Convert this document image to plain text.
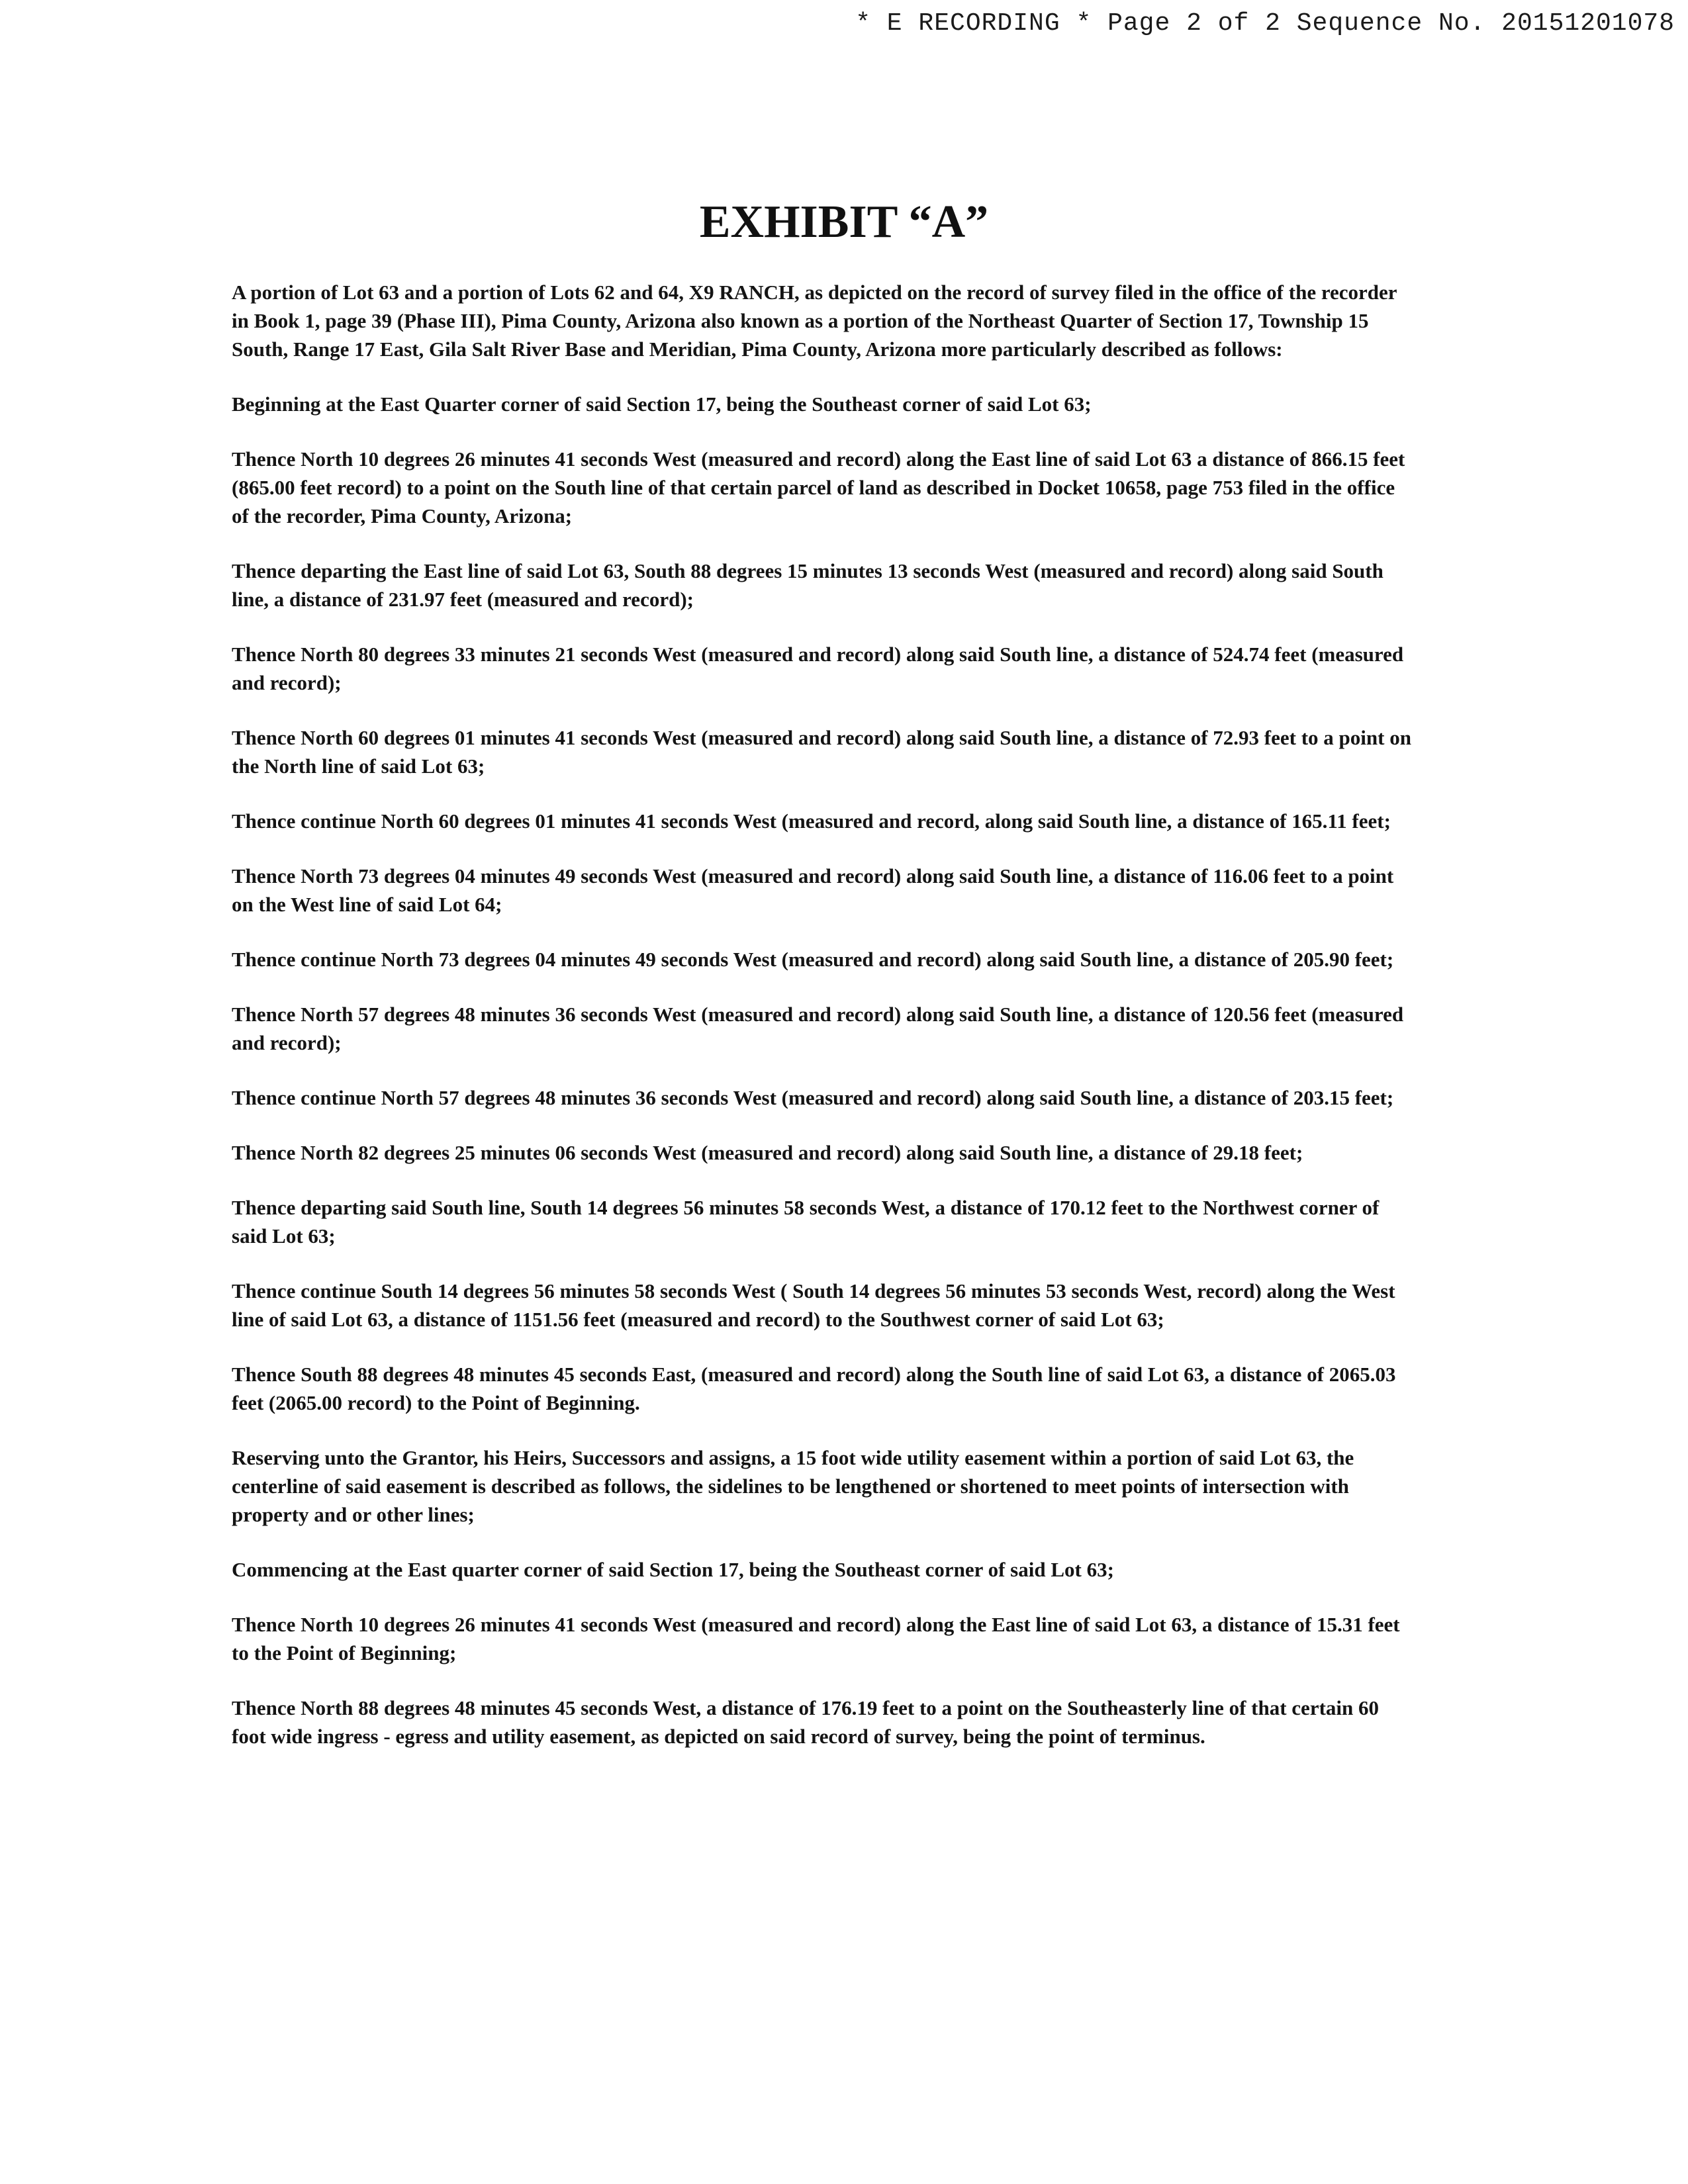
* E RECORDING * Page 2 of 2 Sequence No. 20151201078
EXHIBIT “A”

A portion of Lot 63 and a portion of Lots 62 and 64, X9 RANCH, as depicted on the record of survey filed in the office of the recorder in Book 1, page 39 (Phase III), Pima County, Arizona also known as a portion of the Northeast Quarter of Section 17, Township 15 South, Range 17 East, Gila Salt River Base and Meridian, Pima County, Arizona more particularly described as follows:

Beginning at the East Quarter corner of said Section 17, being the Southeast corner of said Lot 63;

Thence North 10 degrees 26 minutes 41 seconds West (measured and record) along the East line of said Lot 63 a distance of 866.15 feet (865.00 feet record) to a point on the South line of that certain parcel of land as described in Docket 10658, page 753 filed in the office of the recorder, Pima County, Arizona;

Thence departing the East line of said Lot 63, South 88 degrees 15 minutes 13 seconds West (measured and record) along said South line, a distance of 231.97 feet (measured and record);

Thence North 80 degrees 33 minutes 21 seconds West (measured and record) along said South line, a distance of 524.74 feet (measured and record);

Thence North 60 degrees 01 minutes 41 seconds West (measured and record) along said South line, a distance of 72.93 feet to a point on the North line of said Lot 63;

Thence continue North 60 degrees 01 minutes 41 seconds West (measured and record, along said South line, a distance of 165.11 feet;

Thence North 73 degrees 04 minutes 49 seconds West (measured and record) along said South line, a distance of 116.06 feet to a point on the West line of said Lot 64;

Thence continue North 73 degrees 04 minutes 49 seconds West (measured and record) along said South line, a distance of 205.90 feet;

Thence North 57 degrees 48 minutes 36 seconds West (measured and record) along said South line, a distance of 120.56 feet (measured and record);

Thence continue North 57 degrees 48 minutes 36 seconds West (measured and record) along said South line, a distance of 203.15 feet;

Thence North 82 degrees 25 minutes 06 seconds West (measured and record) along said South line, a distance of 29.18 feet;

Thence departing said South line, South 14 degrees 56 minutes 58 seconds West, a distance of 170.12 feet to the Northwest corner of said Lot 63;

Thence continue South 14 degrees 56 minutes 58 seconds West ( South 14 degrees 56 minutes 53 seconds West, record) along the West line of said Lot 63, a distance of 1151.56 feet (measured and record) to the Southwest corner of said Lot 63;

Thence South 88 degrees 48 minutes 45 seconds East, (measured and record) along the South line of said Lot 63, a distance of 2065.03 feet (2065.00 record) to the Point of Beginning.

Reserving unto the Grantor, his Heirs, Successors and assigns, a 15 foot wide utility easement within a portion of said Lot 63, the centerline of said easement is described as follows, the sidelines to be lengthened or shortened to meet points of intersection with property and or other lines;

Commencing at the East quarter corner of said Section 17, being the Southeast corner of said Lot 63;

Thence North 10 degrees 26 minutes 41 seconds West (measured and record) along the East line of said Lot 63, a distance of 15.31 feet to the Point of Beginning;

Thence North 88 degrees 48 minutes 45 seconds West, a distance of 176.19 feet to a point on the Southeasterly line of that certain 60 foot wide ingress - egress and utility easement, as depicted on said record of survey, being the point of terminus.
